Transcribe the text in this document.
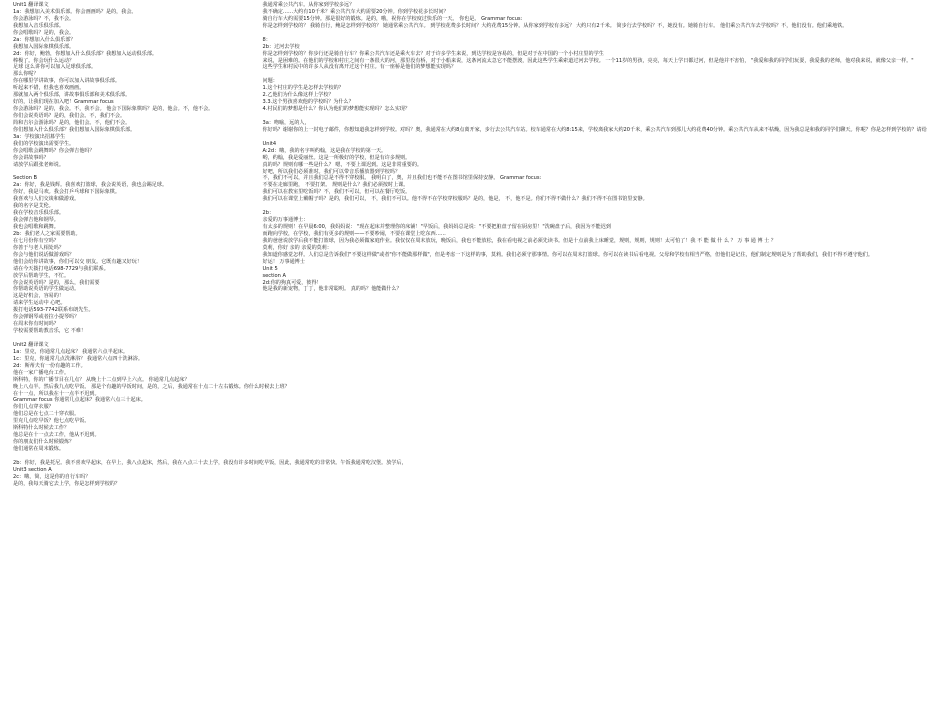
Unit1 翻译课文
1a：我想加入美术俱乐部。你会画画吗？是的，我会。
你会游泳吗？不，我不会。
我想加入音乐俱乐部。
你会唱歌吗？是的，我会。
2a：你想加入什么俱乐部？
我想加入国际象棋俱乐部。
2d：你好，鲍勃，你想加入什么俱乐部？我想加入运动俱乐部。
棒极了。你会玩什么运动？
足球 这么讲你可以加入足球俱乐部。
那么你呢？
你在哪里学讲故事，你可以加入讲故事俱乐部。
听起来不错，但我也喜欢画画。
那就加入两个俱乐部，讲故事俱乐部和美术俱乐部。
好的，让我们现在加入吧！Grammar focus
你会游泳吗？是的，我会。不，我不会。 他会下国际象棋吗？是的，他会。不，他不会。
你们会说英语吗？是的，我们会。不，我们不会。
简和吉尔会游泳吗？是的，他们会。不，他们不会。
你们想加入什么俱乐部？我们想加入国际象棋俱乐部。
3a：学校演出招募学生
我们的学校演出需要学生。
你会唱歌会跳舞吗？你会弹吉他吗？
你会讲故事吗？
请放学后跟张老师说。
Section B
2a：你好，我是钱辉。我喜欢打篮球，我会说英语，我也会踢足球。
你好，我是马欢。我会打乒乓球和下国际象棋。
我喜欢与人们交谈和做游戏。
我的名字是艾伦。
我在学校音乐俱乐部。
我会弹吉他和钢琴。
我也会唱歌和跳舞。
2b：我们老人之家需要帮助。
在七月份你有空吗？
你善于与老人相处吗？
你会与他们说话做游戏吗？
他们会给你讲故事，你们可以交 朋友。它既有趣又好玩！
请在今天拨打电话698-7729与我们联系。
放学后帮助学生，不忙。
你会说英语吗？是的，那么，我们需要
你帮助说英语的学生做运动。
这是好机会，容易的！
请来学生运动中 心吧。
拨打电话593-7742联系布朗先生。
你会弹钢琴或者拉小提琴吗？
在周末你有时间吗？
学校需要帮助教音乐，它 不难！
Unit2 翻译课文
1a：里克，你通常几点起床？ 我通常六点半起床。
1c：里克，你通常几点洗淋浴？ 我通常六点四十洗淋浴。
2d：斯蒂夫有一份有趣的工作。
他在一家广播电台工作。
斯科特，你的广播节目在几点？ 从晚上十二点到早上六点。 你通常几点起床？
晚上八点半。然后我九点吃早饭。 那是个有趣的早饭时间，是的，之后，我通常在十点二十左右锻炼。你什么时候去上班？
在十一点，所以我在十一点半不迟到。
Grammar focus 你通常几点起床？我通常六点三十起床。
你们几点穿衣服？
他们总是在七点二十穿衣服。
里克几点吃早饭？他七点吃早饭。
斯科特什么时候去工作？
他总是在十一点去工作，他从不迟到。
你的朋友们什么时候锻炼？
他们通常在周末锻炼。
2b：你好，我是托尼。我不喜欢早起床，在早上，我八点起床，然后，我在八点三十去上学，我没有许多时间吃早饭，因此，我通常吃的非常快。午饭我通常吃汉堡。放学后，
Unit3 section A
2c：嗨，简，这是你的自行车吗？
是的，我每天骑它去上学，你是怎样到学校的？
我通常乘公共汽车。从你家到学校多远？
我不确定……大约有10千米？乘公共汽车大约需要20分钟。你到学校花多长时间？
骑自行车大约需要15分钟。那是很好的锻炼。是的，哦，祝你在学校度过快乐的一天。 你也是。 Grammar focus:
你是怎样到学校的？ 我骑自行，鲍是怎样到学校的？ 她通常乘公共汽车。 到学校花费多长时间？大约花费15分钟。从你家到学校有多远？ 大约只有2千米。 简步行去学校吗？不，她没有。她骑自行车。 他们乘公共汽车去学校吗？不，他们没有。他们乘地铁。
8：
2b：过河去学校
你是怎样到学校的？你步行还是骑自行车？你乘公共汽车还是乘火车去？对于许多学生来说，到达学校是容易的，但是对于在中国的一个小村庄里的学生
来说，是困难的。在他们的学校和村庄之间有一条很大的河，那里没有桥，对于小船来说，这条河流太急它不能摆渡，因此这些学生乘索道过河去学校。 一个11岁的男孩，亮亮，每天上学日都过河，但是他并不害怕， "我爱和我的同学们玩耍，我爱我的老师，他对我来说，就像父亲一样。"
这些学生和村民中的许多人从没有离开过这个村庄。有一座桥是他们的梦想能实现吗？
问题：
1.这个村庄的学生是怎样去学校的？
2.乙他们为什么像这样上学校？
3.3.这个男孩喜欢他的学校吗？为什么？
4.村民们的梦想是什么？你认为他们的梦想能实现吗？怎么实现？
3a：吻喻，远的人，
你好吗？谢谢你的上一封电子邮件，你想知道我怎样到学校。对吗？奥，我通常在大约8点离开家，步行去公共汽车站。校车通常在大约8:15来，学校离我家大约20千米，乘公共汽车到那儿大约花费40分钟。乘公共汽车从来不枯燥，因为我总是和我的同学们聊天。你呢？你是怎样到学校的？请给
Unit4
A:2d：嗨，我的名字叫约翰，这是我在学校的第一天。
哟，约翰，我是爱丽丝。这是一所极好的学校，但是有许多规则。
真的吗？规则有哪一些是什么？ 嗯，不要上课迟到。这是非常重要的。
好吧，所以我们必须准时。我们可以带音乐播放器到学校吗？
不，我们不可以，并且我们总是不得不穿校服。 我明白了，奥，并且我们也不能不在图书馆里保持安静。 Grammar focus:
不要在走廊里跑， 不要打架。 规则是什么？我们必须按时上课。
我们可以在教室里吃饭吗？不，我们不可以，但可以在餐厅吃饭。
我们可以在课堂上戴帽子吗？是的，我们可以， 不，我们不可以。他不得不在学校穿校服吗？是的，他是， 不，他不是。你们不得不做什么？我们不得不在图书馆里安静。
2b：
亲爱的万事通博士：
有太多的规则！在早晨6:00，我妈妈说： "现在起床并整理你的床铺！"早饭后，我妈妈总是说："不要把脏盘子留在厨房里！"洗碗盘子后，我因为不能迟到
而跑向学校，在学校，我们有更多的规则——不要吵闹，不要在课堂上吃东西……
我的爸爸说放学后我不能打篮球，因为我必须做家庭作业。我仅仅在周末放玩，晚饭后，我也不能放松，我在看电视之前必须先读书。但是十点前我上床睡觉，规则，规则，规则！太可怕了！我 不 能 做 什 么 ？ 万 事 通 博 士 ？
莫莉，你好 亲的 亲爱的莫莉：
我知道你感觉怎样。人们总是告诉我们"不要这样做"或者"你不能做那样做"，但是考虑一下这样的事，莫莉。我们必须守那事情。你可以在周末打篮球。你可以在读书后看电视。父母和学校有相当严格，但他们是记住，他们制定规则是为了帮助我们，我们不得不遵守他们。
好运！ 万事通博士
Unit 5
section A
2d:你的狗真可爱，彼得！
他是我的新宠物，丁丁，他非常聪明。 真的吗？他能做什么？
